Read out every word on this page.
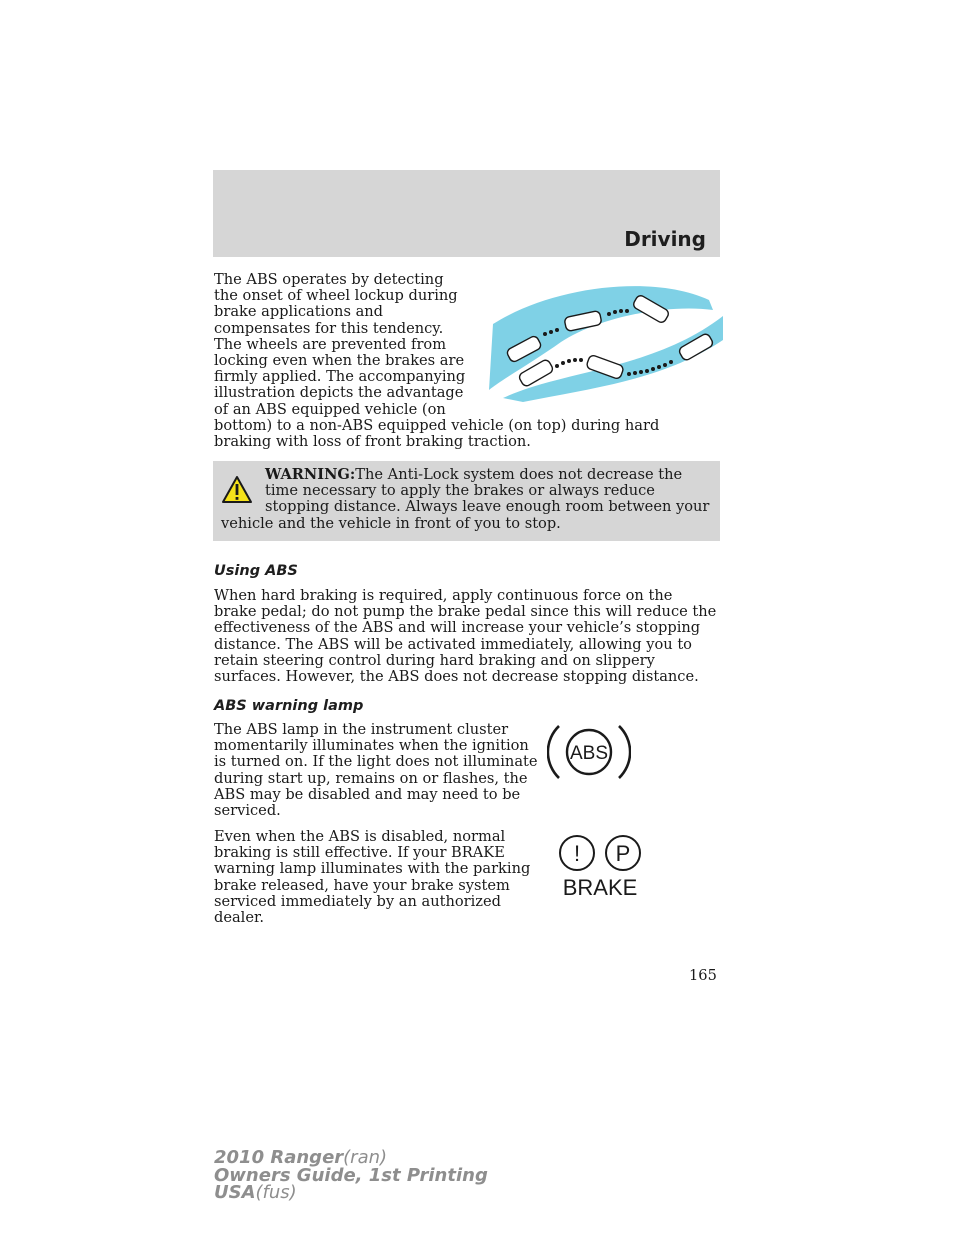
Driving

The ABS operates by detecting the onset of wheel lockup during brake applications and compensates for this tendency. The wheels are prevented from locking even when the brakes are firmly applied. The accompanying illustration depicts the advantage of an ABS equipped vehicle (on bottom) to a non-ABS equipped vehicle (on top) during hard braking with loss of front braking traction.

WARNING:The Anti-Lock system does not decrease the time necessary to apply the brakes or always reduce stopping distance. Always leave enough room between your vehicle and the vehicle in front of you to stop.
Using ABS

When hard braking is required, apply continuous force on the brake pedal; do not pump the brake pedal since this will reduce the effectiveness of the ABS and will increase your vehicle’s stopping distance. The ABS will be activated immediately, allowing you to retain steering control during hard braking and on slippery surfaces. However, the ABS does not decrease stopping distance.

ABS warning lamp
ABS

The ABS lamp in the instrument cluster momentarily illuminates when the ignition is turned on. If the light does not illuminate during start up, remains on or flashes, the ABS may be disabled and may need to be serviced.

! P
BRAKE

Even when the ABS is disabled, normal braking is still effective. If your BRAKE warning lamp illuminates with the parking brake released, have your brake system serviced immediately by an authorized dealer.

165
2010 Ranger(ran)
Owners Guide, 1st Printing
USA(fus)
